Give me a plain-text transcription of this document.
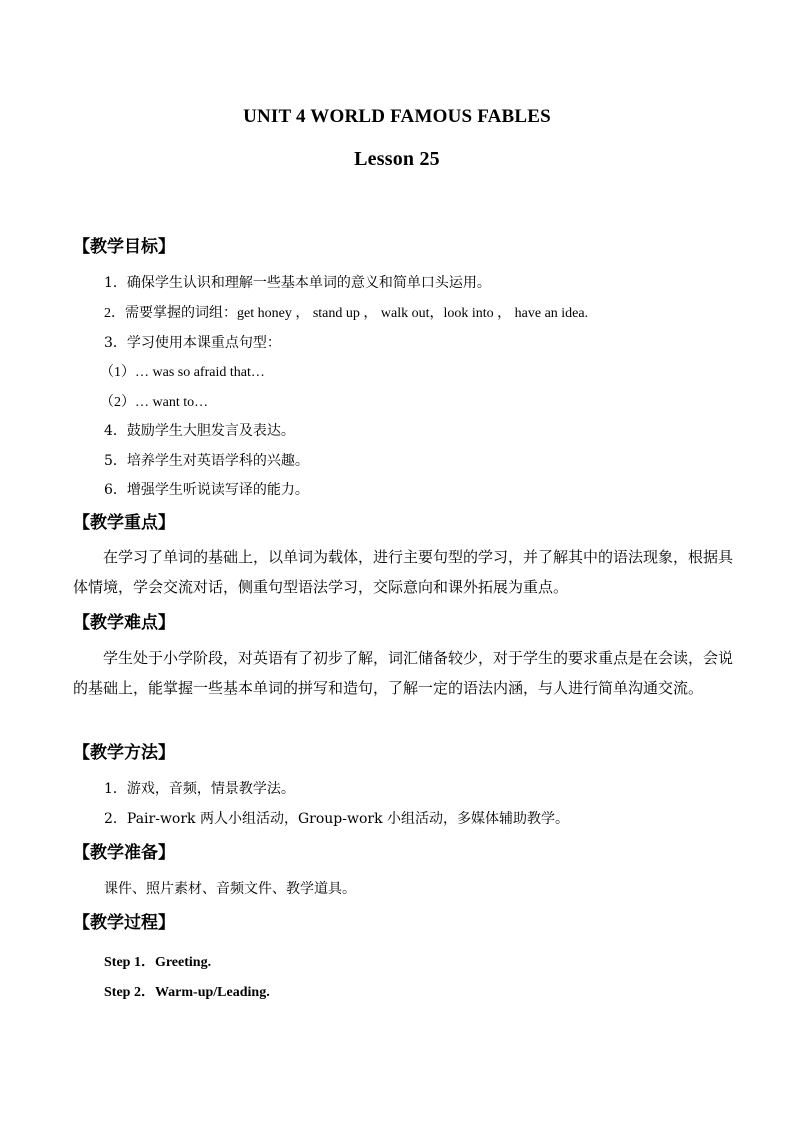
UNIT 4 WORLD FAMOUS FABLES
Lesson 25
【教学目标】
1．确保学生认识和理解一些基本单词的意义和简单口头运用。
2．需要掌握的词组：get honey ， stand up ， walk out，look into ， have an idea.
3．学习使用本课重点句型：
（1）… was so afraid that…
（2）… want to…
4．鼓励学生大胆发言及表达。
5．培养学生对英语学科的兴趣。
6．增强学生听说读写译的能力。
【教学重点】
在学习了单词的基础上，以单词为载体，进行主要句型的学习，并了解其中的语法现象，根据具体情境，学会交流对话，侧重句型语法学习，交际意向和课外拓展为重点。
【教学难点】
学生处于小学阶段，对英语有了初步了解，词汇储备较少，对于学生的要求重点是在会读，会说的基础上，能掌握一些基本单词的拼写和造句，了解一定的语法内涵，与人进行简单沟通交流。
【教学方法】
1．游戏，音频，情景教学法。
2．Pair-work 两人小组活动，Group-work 小组活动，多媒体辅助教学。
【教学准备】
课件、照片素材、音频文件、教学道具。
【教学过程】
Step 1．Greeting.
Step 2．Warm-up/Leading.
